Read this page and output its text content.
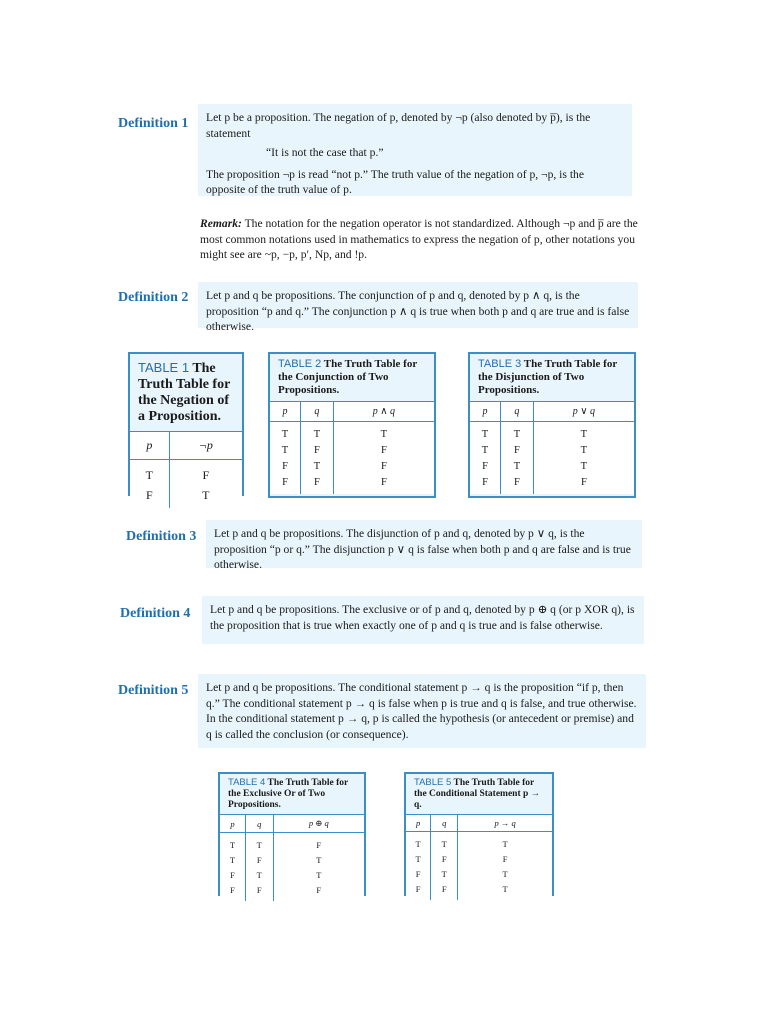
Definition 1 Let p be a proposition. The negation of p, denoted by ¬p (also denoted by p̅), is the statement

“It is not the case that p.”

The proposition ¬p is read “not p.” The truth value of the negation of p, ¬p, is the opposite of the truth value of p.

Remark: The notation for the negation operator is not standardized. Although ¬p and p̅ are the most common notations used in mathematics to express the negation of p, other notations you might see are ~p, −p, p′, Np, and !p.
Definition 2 Let p and q be propositions. The conjunction of p and q, denoted by p ∧ q, is the proposition “p and q.” The conjunction p ∧ q is true when both p and q are true and is false otherwise.

TABLE 1 The Truth Table for the Negation of a Proposition.
p	¬p
T	F
F	T
TABLE 2 The Truth Table for the Conjunction of Two Propositions.
p	q	p ∧ q
T	T	T
T	F	F
F	T	F
F	F	F
TABLE 3 The Truth Table for the Disjunction of Two Propositions.
p	q	p ∨ q
T	T	T
T	F	T
F	T	T
F	F	F
Definition 3 Let p and q be propositions. The disjunction of p and q, denoted by p ∨ q, is the proposition “p or q.” The disjunction p ∨ q is false when both p and q are false and is true otherwise.

Definition 4 Let p and q be propositions. The exclusive or of p and q, denoted by p ⊕ q (or p XOR q), is the proposition that is true when exactly one of p and q is true and is false otherwise.

Definition 5 Let p and q be propositions. The conditional statement p → q is the proposition “if p, then q.” The conditional statement p → q is false when p is true and q is false, and true otherwise. In the conditional statement p → q, p is called the hypothesis (or antecedent or premise) and q is called the conclusion (or consequence).

TABLE 4 The Truth Table for the Exclusive Or of Two Propositions.
p	q	p ⊕ q
T	T	F
T	F	T
F	T	T
F	F	F
TABLE 5 The Truth Table for the Conditional Statement p → q.
p	q	p → q
T	T	T
T	F	F
F	T	T
F	F	T
